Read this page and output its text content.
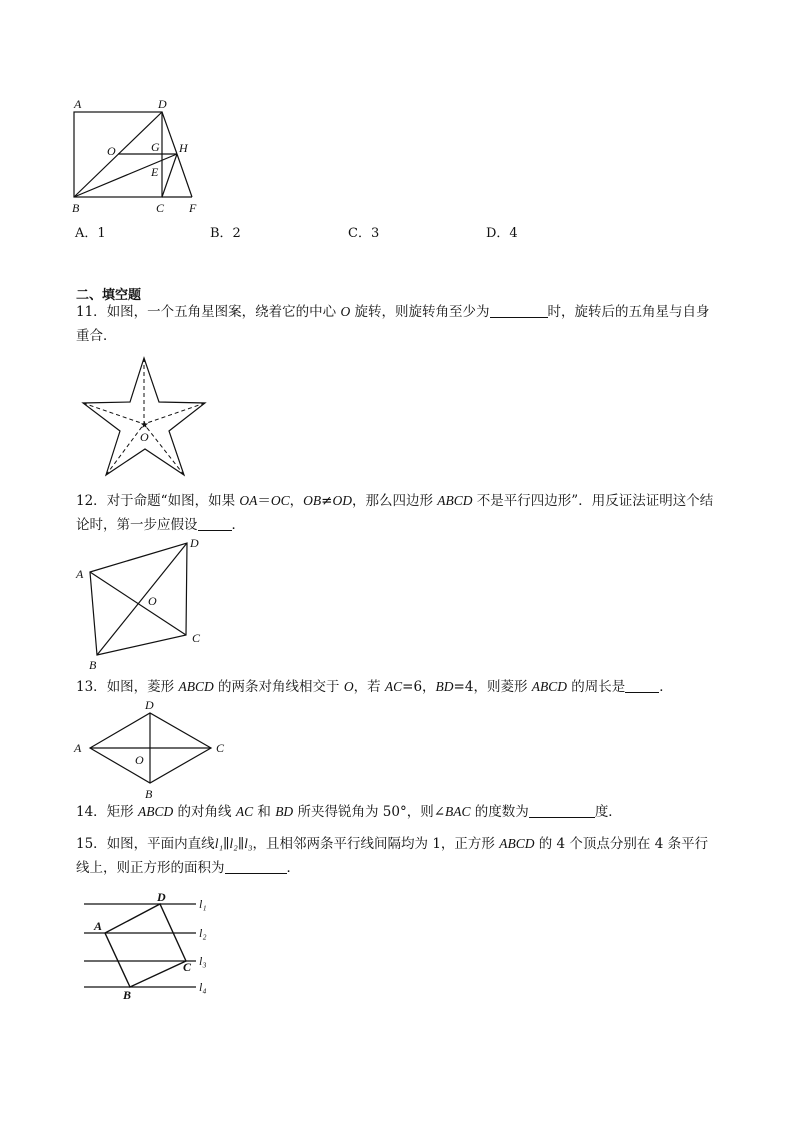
A	D
O	G H
E
B	C F
A．1	B．2	C．3	D．4
二、填空题
11．如图，一个五角星图案，绕着它的中心 O 旋转，则旋转角至少为	时，旋转后的五角星与自身
重合．
★
O
12．对于命题“如图，如果 OA＝OC，OB≠OD，那么四边形 ABCD 不是平行四边形”．用反证法证明这个结
论时，第一步应假设	．
A
D
O
C
B
13．如图，菱形 ABCD 的两条对角线相交于 O，若 AC=6，BD=4，则菱形 ABCD 的周长是	．
A
D
C
O
B
14．矩形 ABCD 的对角线 AC 和 BD 所夹得锐角为 50°，则∠BAC 的度数为	度．
15．如图，平面内直线l₁∥l₂∥l₃，且相邻两条平行线间隔均为 1，正方形 ABCD 的 4 个顶点分别在 4 条平行
线上，则正方形的面积为	．
A
D
C
B
l₁
l₂
l₃
l₄
